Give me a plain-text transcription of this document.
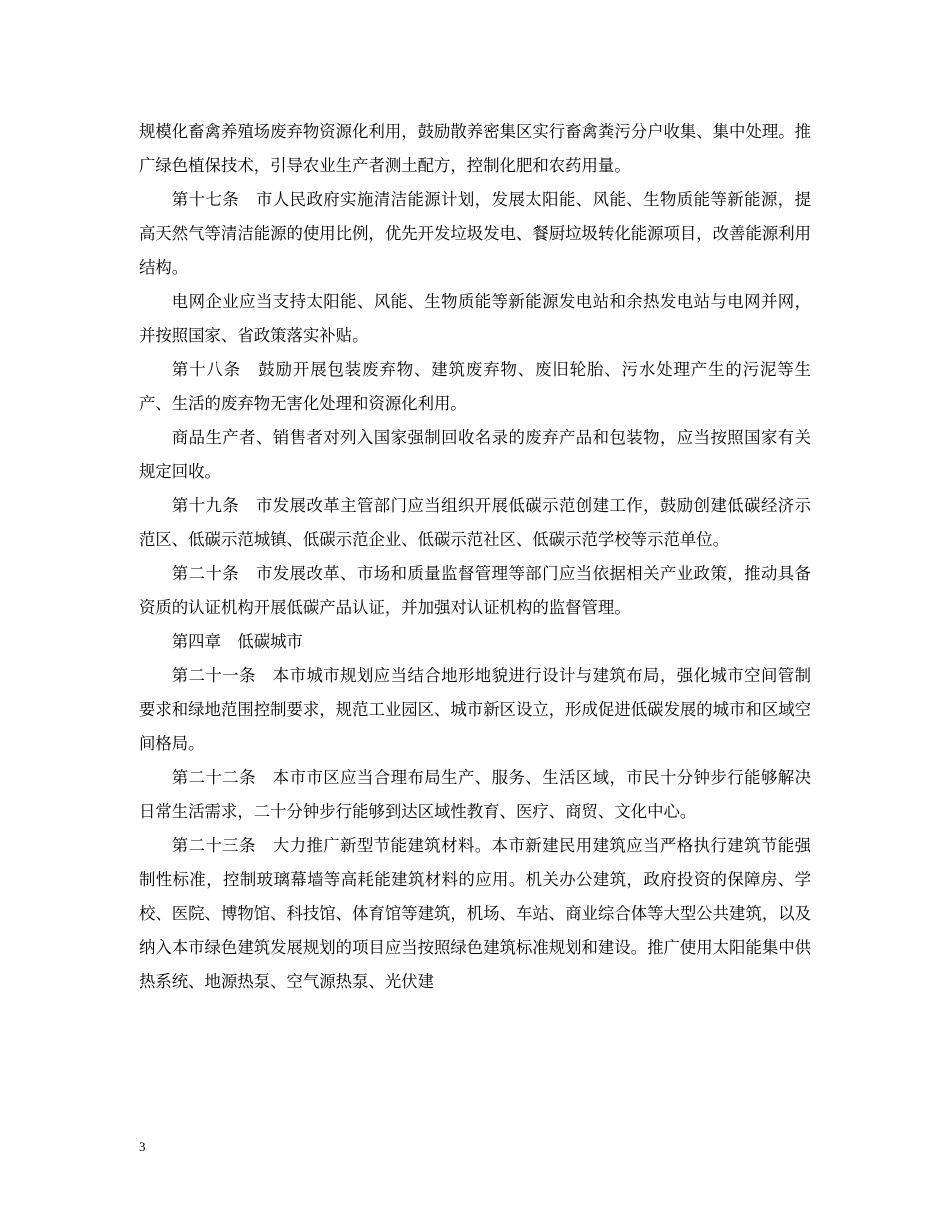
规模化畜禽养殖场废弃物资源化利用，鼓励散养密集区实行畜禽粪污分户收集、集中处理。推广绿色植保技术，引导农业生产者测土配方，控制化肥和农药用量。

第十七条　市人民政府实施清洁能源计划，发展太阳能、风能、生物质能等新能源，提高天然气等清洁能源的使用比例，优先开发垃圾发电、餐厨垃圾转化能源项目，改善能源利用结构。

电网企业应当支持太阳能、风能、生物质能等新能源发电站和余热发电站与电网并网，并按照国家、省政策落实补贴。

第十八条　鼓励开展包装废弃物、建筑废弃物、废旧轮胎、污水处理产生的污泥等生产、生活的废弃物无害化处理和资源化利用。

商品生产者、销售者对列入国家强制回收名录的废弃产品和包装物，应当按照国家有关规定回收。

第十九条　市发展改革主管部门应当组织开展低碳示范创建工作，鼓励创建低碳经济示范区、低碳示范城镇、低碳示范企业、低碳示范社区、低碳示范学校等示范单位。

第二十条　市发展改革、市场和质量监督管理等部门应当依据相关产业政策，推动具备资质的认证机构开展低碳产品认证，并加强对认证机构的监督管理。

第四章　低碳城市

第二十一条　本市城市规划应当结合地形地貌进行设计与建筑布局，强化城市空间管制要求和绿地范围控制要求，规范工业园区、城市新区设立，形成促进低碳发展的城市和区域空间格局。

第二十二条　本市市区应当合理布局生产、服务、生活区域，市民十分钟步行能够解决日常生活需求，二十分钟步行能够到达区域性教育、医疗、商贸、文化中心。

第二十三条　大力推广新型节能建筑材料。本市新建民用建筑应当严格执行建筑节能强制性标准，控制玻璃幕墙等高耗能建筑材料的应用。机关办公建筑，政府投资的保障房、学校、医院、博物馆、科技馆、体育馆等建筑，机场、车站、商业综合体等大型公共建筑，以及纳入本市绿色建筑发展规划的项目应当按照绿色建筑标准规划和建设。推广使用太阳能集中供热系统、地源热泵、空气源热泵、光伏建

3
